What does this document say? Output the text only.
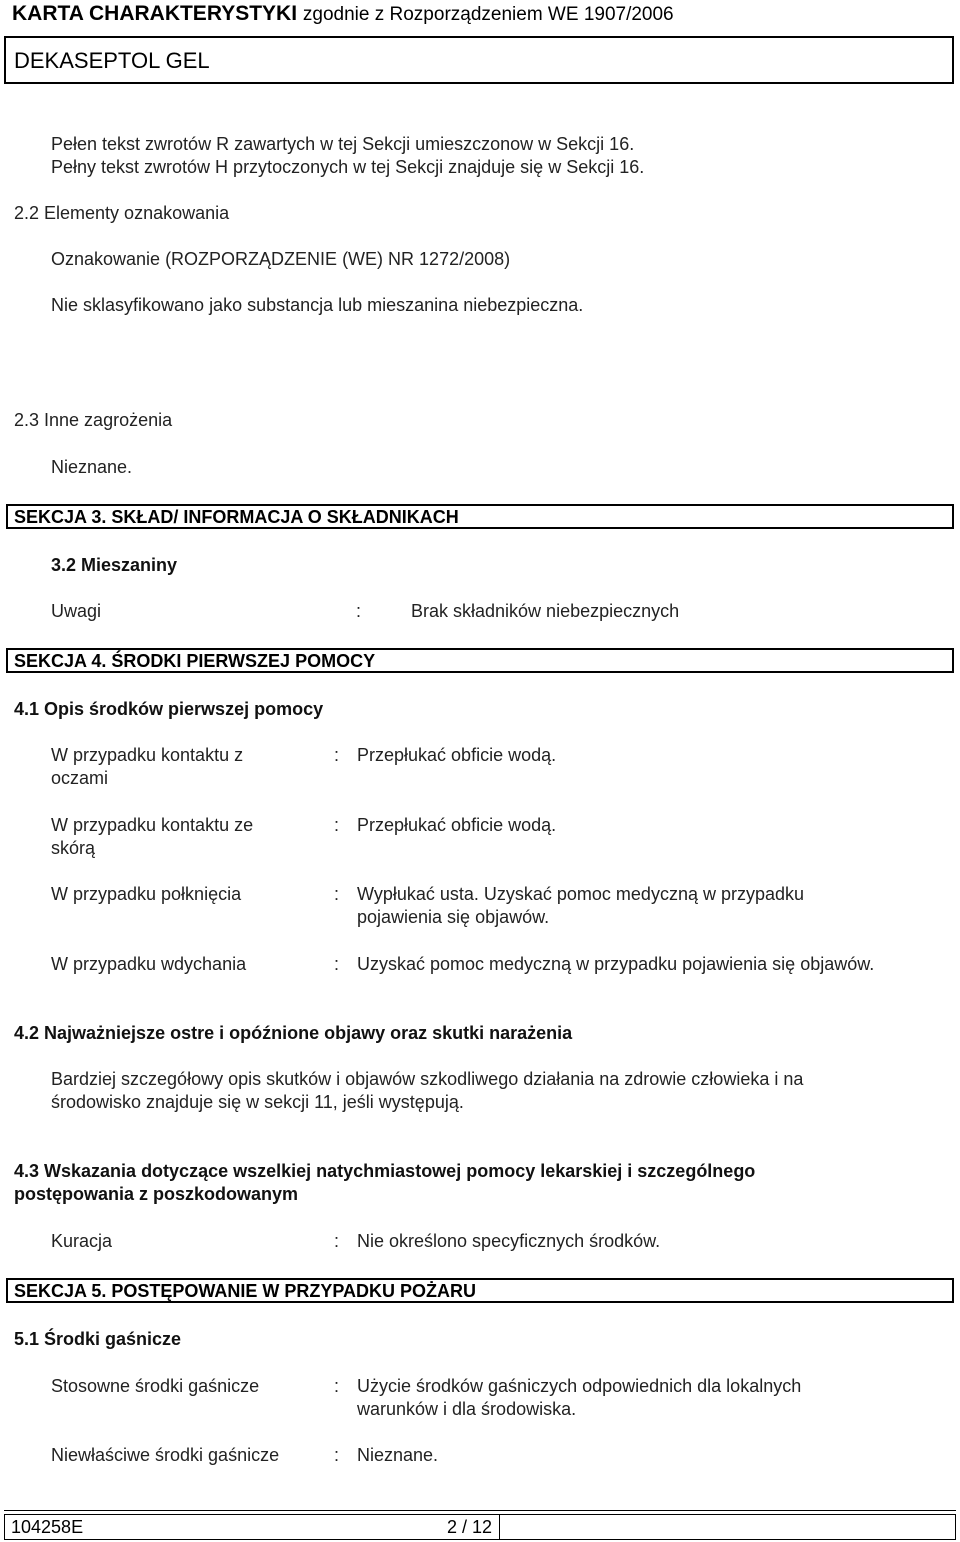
KARTA CHARAKTERYSTYKI zgodnie z Rozporządzeniem WE 1907/2006
DEKASEPTOL GEL
Pełen tekst zwrotów R zawartych w tej Sekcji umieszczonow w Sekcji 16.
Pełny tekst zwrotów H przytoczonych w tej Sekcji znajduje się w Sekcji 16.
2.2 Elementy oznakowania
Oznakowanie (ROZPORZĄDZENIE (WE) NR 1272/2008)
Nie sklasyfikowano jako substancja lub mieszanina niebezpieczna.
2.3 Inne zagrożenia
Nieznane.
SEKCJA 3. SKŁAD/ INFORMACJA O SKŁADNIKACH
3.2 Mieszaniny
Uwagi	:	Brak składników niebezpiecznych
SEKCJA 4. ŚRODKI PIERWSZEJ POMOCY
4.1 Opis środków pierwszej pomocy
W przypadku kontaktu z
oczami
: Przepłukać obficie wodą.
W przypadku kontaktu ze
skórą
: Przepłukać obficie wodą.
W przypadku połknięcia	: Wypłukać usta. Uzyskać pomoc medyczną w przypadku
pojawienia się objawów.
W przypadku wdychania	: Uzyskać pomoc medyczną w przypadku pojawienia się objawów.
4.2 Najważniejsze ostre i opóźnione objawy oraz skutki narażenia
Bardziej szczegółowy opis skutków i objawów szkodliwego działania na zdrowie człowieka i na
środowisko znajduje się w sekcji 11, jeśli występują.
4.3 Wskazania dotyczące wszelkiej natychmiastowej pomocy lekarskiej i szczególnego
postępowania z poszkodowanym
Kuracja	: Nie określono specyficznych środków.
SEKCJA 5. POSTĘPOWANIE W PRZYPADKU POŻARU
5.1 Środki gaśnicze
Stosowne środki gaśnicze	: Użycie środków gaśniczych odpowiednich dla lokalnych
warunków i dla środowiska.
Niewłaściwe środki gaśnicze	: Nieznane.
104258E	2 / 12
